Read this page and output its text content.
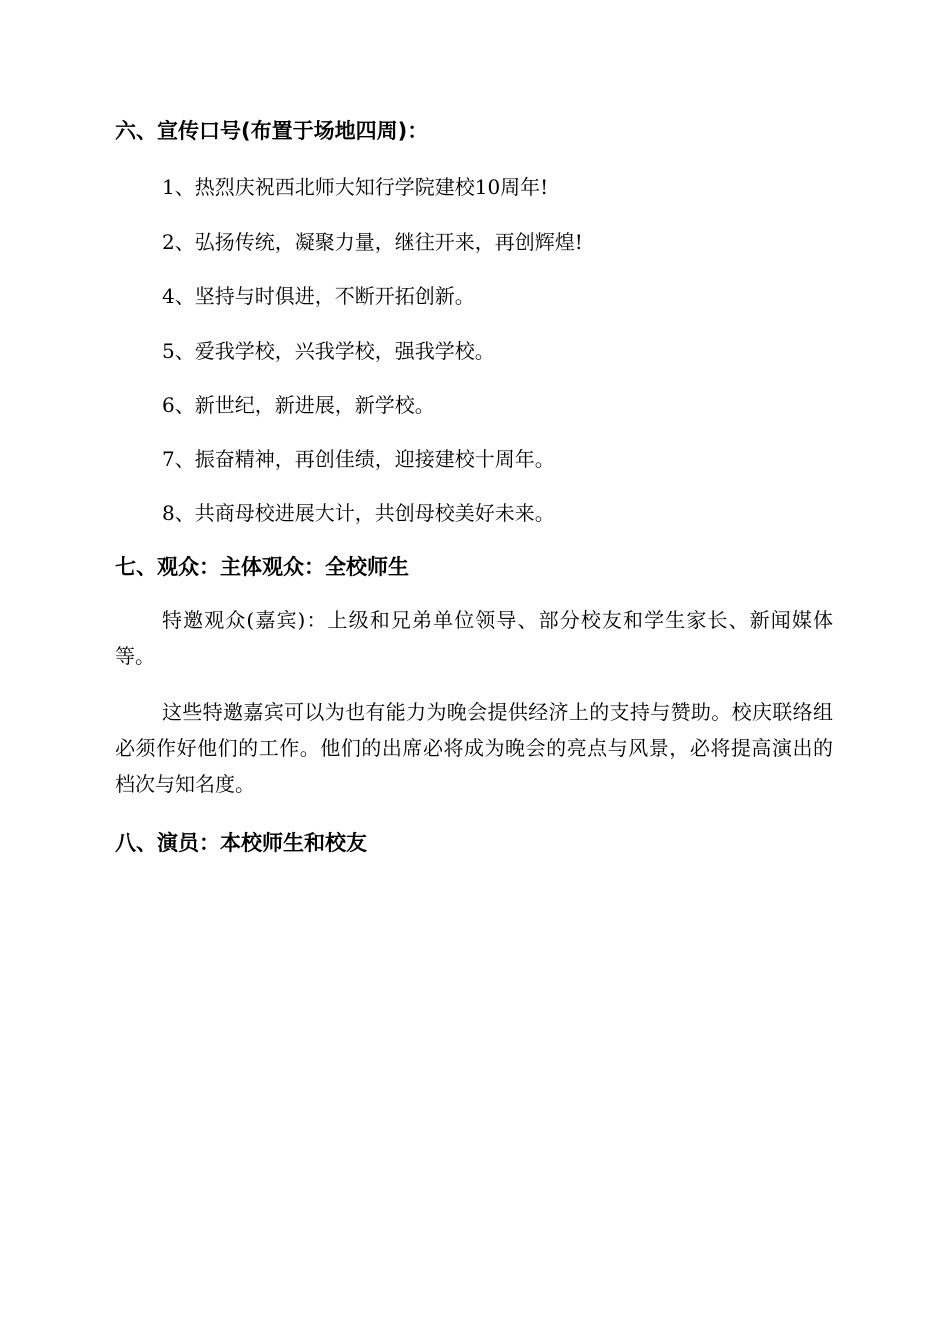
六、宣传口号(布置于场地四周)：
1、热烈庆祝西北师大知行学院建校10周年!
2、弘扬传统，凝聚力量，继往开来，再创辉煌!
4、坚持与时俱进，不断开拓创新。
5、爱我学校，兴我学校，强我学校。
6、新世纪，新进展，新学校。
7、振奋精神，再创佳绩，迎接建校十周年。
8、共商母校进展大计，共创母校美好未来。
七、观众：主体观众：全校师生
特邀观众(嘉宾)：上级和兄弟单位领导、部分校友和学生家长、新闻媒体等。
这些特邀嘉宾可以为也有能力为晚会提供经济上的支持与赞助。校庆联络组必须作好他们的工作。他们的出席必将成为晚会的亮点与风景，必将提高演出的档次与知名度。
八、演员：本校师生和校友
